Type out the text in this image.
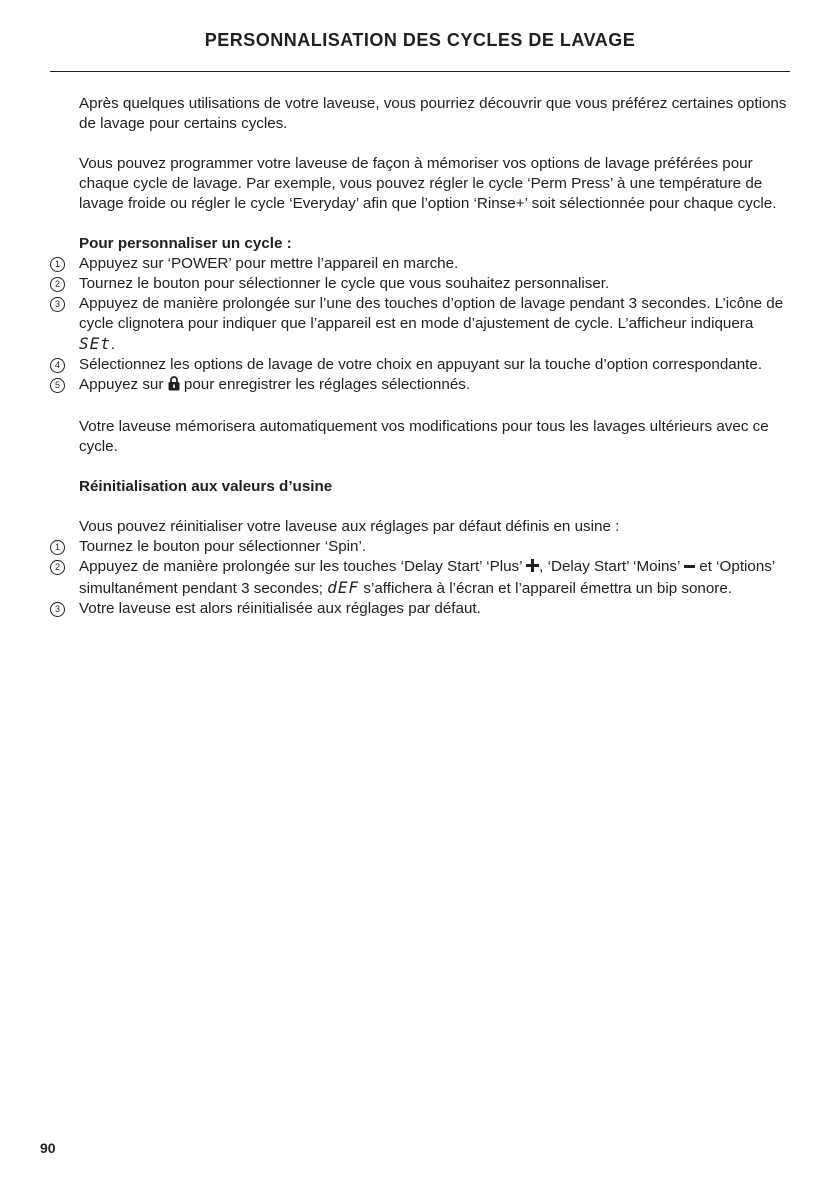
PERSONNALISATION DES CYCLES DE LAVAGE

Après quelques utilisations de votre laveuse, vous pourriez découvrir que vous préférez certaines options de lavage pour certains cycles.

Vous pouvez programmer votre laveuse de façon à mémoriser vos options de lavage préférées pour chaque cycle de lavage. Par exemple, vous pouvez régler le cycle ‘Perm Press’ à une température de lavage froide ou régler le cycle ‘Everyday’ afin que l’option ‘Rinse+’ soit sélectionnée pour chaque cycle.

Pour personnaliser un cycle :

1	Appuyez sur ‘POWER’ pour mettre l’appareil en marche.
2	Tournez le bouton pour sélectionner le cycle que vous souhaitez personnaliser.
3	Appuyez de manière prolongée sur l’une des touches d’option de lavage pendant 3 secondes. L’icône de cycle clignotera pour indiquer que l’appareil est en mode d’ajustement de cycle. L’afficheur indiquera SEt.
4	Sélectionnez les options de lavage de votre choix en appuyant sur la touche d’option correspondante.
5	Appuyez sur pour enregistrer les réglages sélectionnés.

Votre laveuse mémorisera automatiquement vos modifications pour tous les lavages ultérieurs avec ce cycle.

Réinitialisation aux valeurs d’usine

Vous pouvez réinitialiser votre laveuse aux réglages par défaut définis en usine :

1	Tournez le bouton pour sélectionner ‘Spin’.
2	Appuyez de manière prolongée sur les touches ‘Delay Start’ ‘Plus’ , ‘Delay Start’ ‘Moins’ et ‘Options’ simultanément pendant 3 secondes; dEF s’affichera à l’écran et l’appareil émettra un bip sonore.
3	Votre laveuse est alors réinitialisée aux réglages par défaut.
90
